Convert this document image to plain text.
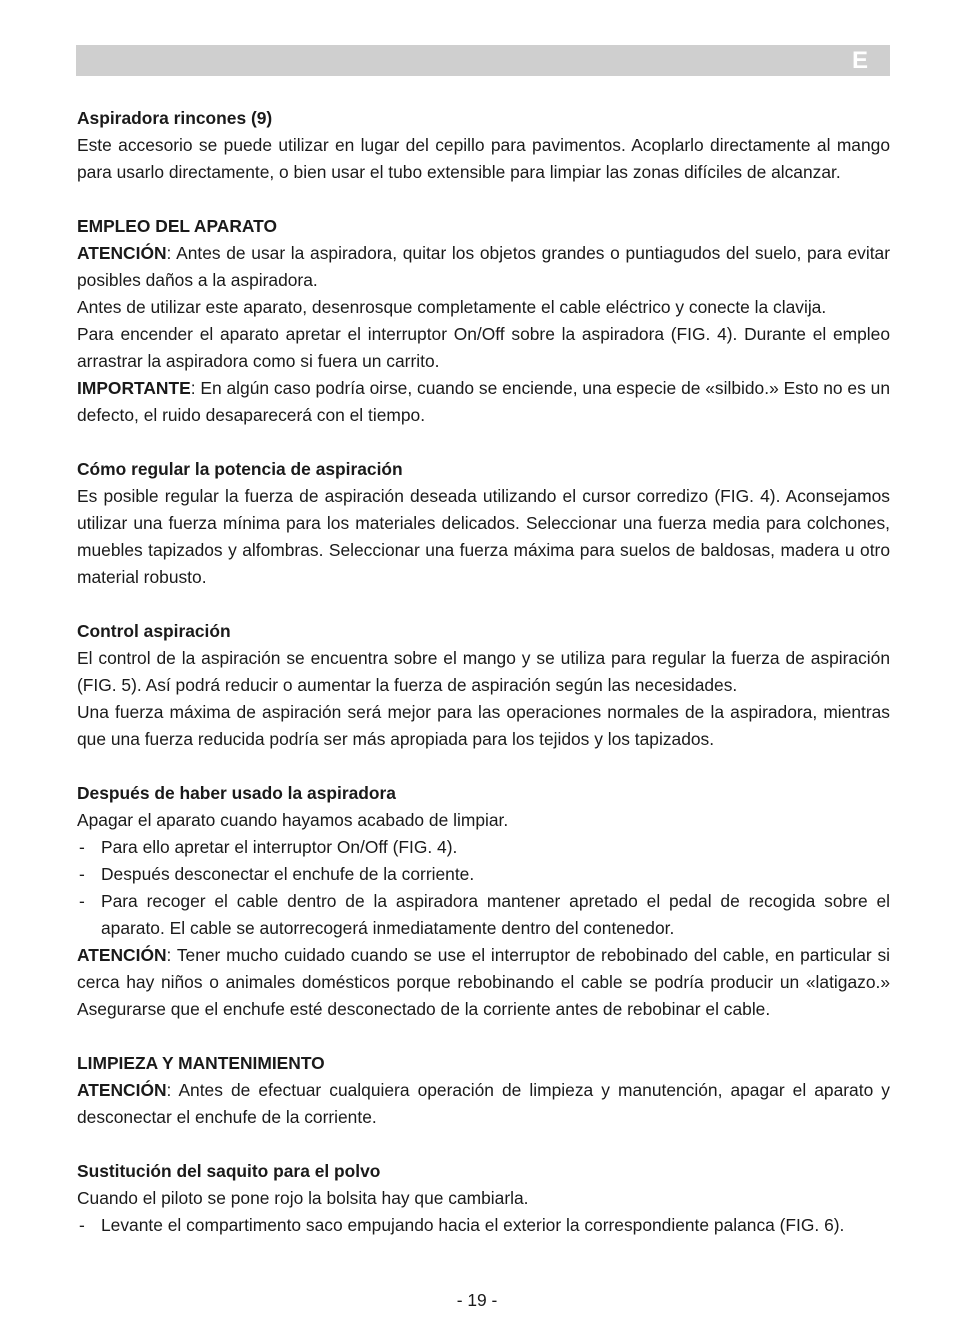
E
Aspiradora rincones (9)

Este accesorio se puede utilizar en lugar del cepillo para pavimentos. Acoplarlo directamente al mango para usarlo directamente, o bien usar el tubo extensible para limpiar las zonas difíciles de alcanzar.

EMPLEO DEL APARATO

ATENCIÓN: Antes de usar la aspiradora, quitar los objetos grandes o puntiagudos del suelo, para evitar posibles daños a la aspiradora.

Antes de utilizar este aparato, desenrosque completamente el cable eléctrico y conecte la clavija.

Para encender el aparato apretar el interruptor On/Off sobre la aspiradora (FIG. 4). Durante el empleo arrastrar la aspiradora como si fuera un carrito.

IMPORTANTE: En algún caso podría oirse, cuando se enciende, una especie de «silbido.» Esto no es un defecto, el ruido desaparecerá con el tiempo.

Cómo regular la potencia de aspiración

Es posible regular la fuerza de aspiración deseada utilizando el cursor corredizo (FIG. 4). Aconsejamos utilizar una fuerza mínima para los materiales delicados. Seleccionar una fuerza media para colchones, muebles tapizados y alfombras. Seleccionar una fuerza máxima para suelos de baldosas, madera u otro material robusto.

Control aspiración

El control de la aspiración se encuentra sobre el mango y se utiliza para regular la fuerza de aspiración (FIG. 5). Así podrá reducir o aumentar la fuerza de aspiración según las necesidades.

Una fuerza máxima de aspiración será mejor para las operaciones normales de la aspiradora, mientras que una fuerza reducida podría ser más apropiada para los tejidos y los tapizados.

Después de haber usado la aspiradora

Apagar el aparato cuando hayamos acabado de limpiar.

- Para ello apretar el interruptor On/Off (FIG. 4).
- Después desconectar el enchufe de la corriente.
- Para recoger el cable dentro de la aspiradora mantener apretado el pedal de recogida sobre el aparato. El cable se autorrecogerá inmediatamente dentro del contenedor.

ATENCIÓN: Tener mucho cuidado cuando se use el interruptor de rebobinado del cable, en particular si cerca hay niños o animales domésticos porque rebobinando el cable se podría producir un «latigazo.» Asegurarse que el enchufe esté desconectado de la corriente antes de rebobinar el cable.

LIMPIEZA Y MANTENIMIENTO

ATENCIÓN: Antes de efectuar cualquiera operación de limpieza y manutención, apagar el aparato y desconectar el enchufe de la corriente.

Sustitución del saquito para el polvo

Cuando el piloto se pone rojo la bolsita hay que cambiarla.

- Levante el compartimento saco empujando hacia el exterior la correspondiente palanca (FIG. 6).
- 19 -
